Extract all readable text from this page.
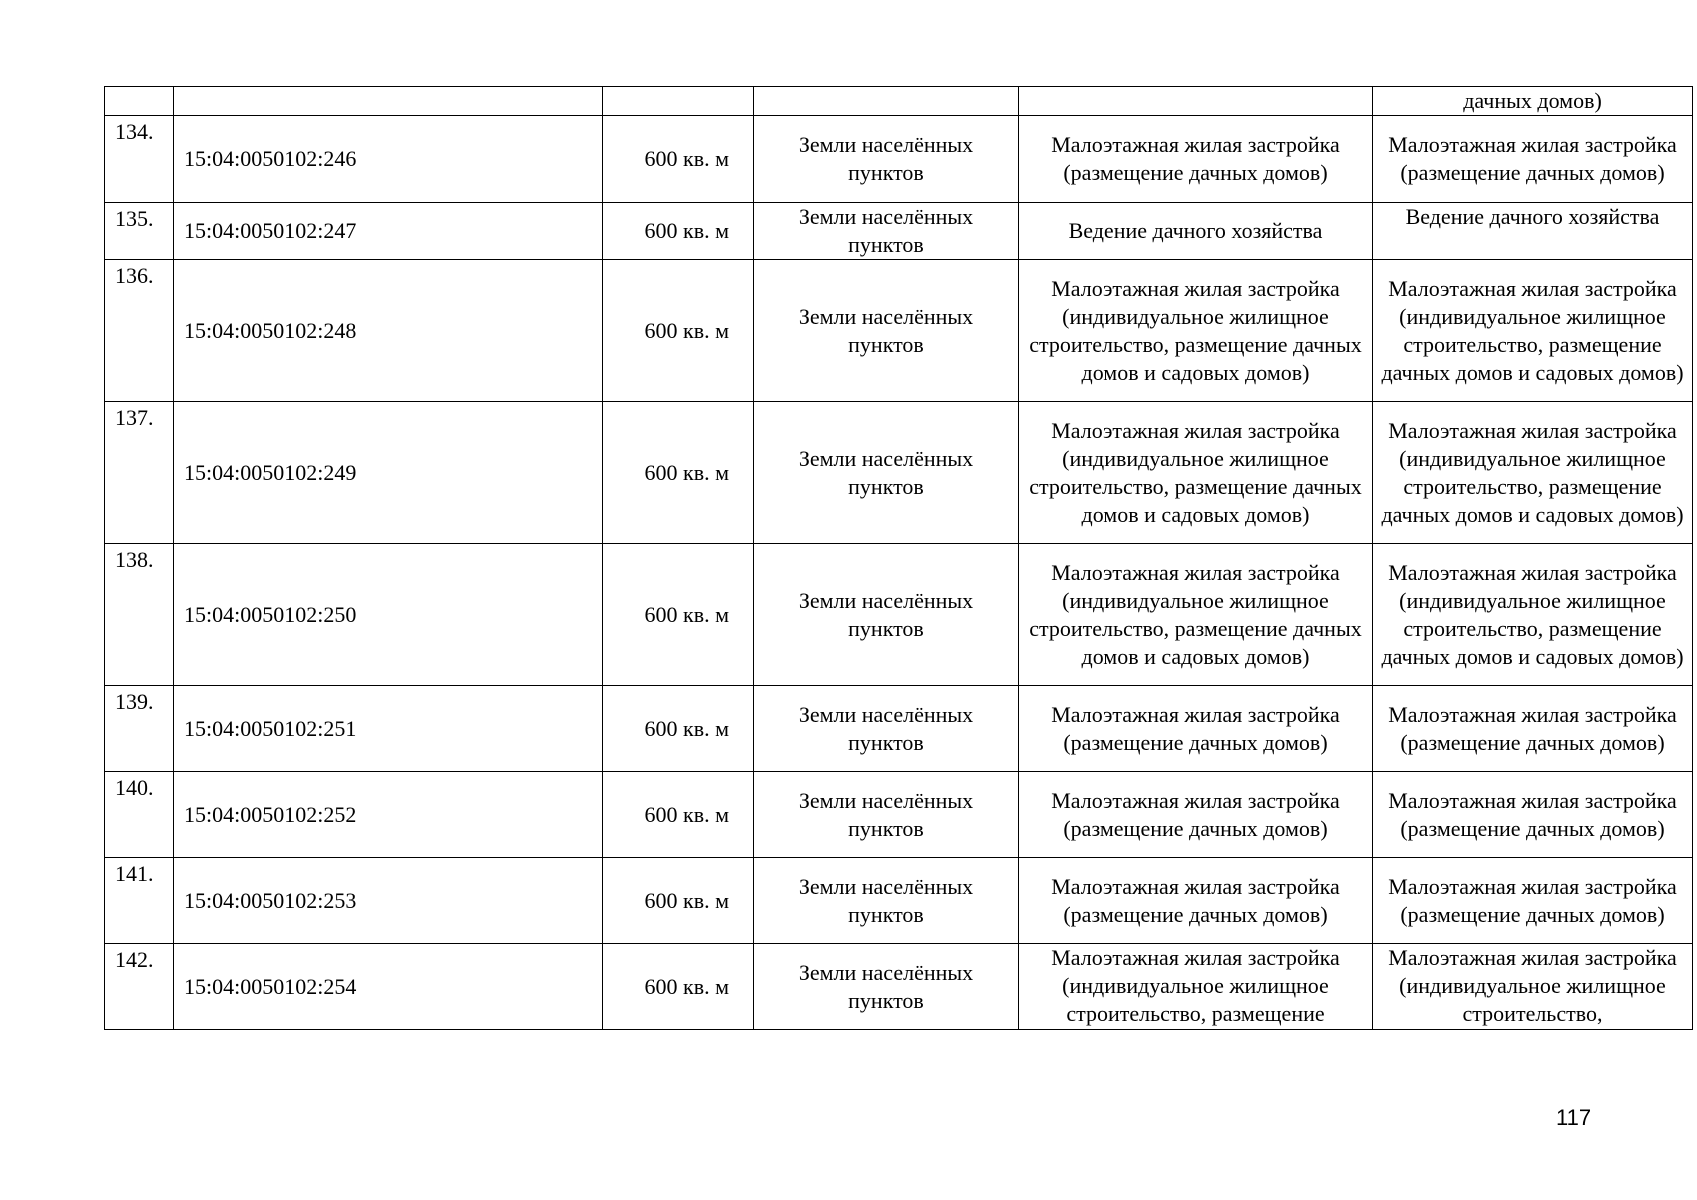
					дачных домов)
134.	15:04:0050102:246	600 кв. м	Земли населённых пунктов	Малоэтажная жилая застройка (размещение дачных домов)	Малоэтажная жилая застройка (размещение дачных домов)
135.	15:04:0050102:247	600 кв. м	Земли населённых пунктов	Ведение дачного хозяйства	Ведение дачного хозяйства
136.	15:04:0050102:248	600 кв. м	Земли населённых пунктов	Малоэтажная жилая застройка (индивидуальное жилищное строительство, размещение дачных домов и садовых домов)	Малоэтажная жилая застройка (индивидуальное жилищное строительство, размещение дачных домов и садовых домов)
137.	15:04:0050102:249	600 кв. м	Земли населённых пунктов	Малоэтажная жилая застройка (индивидуальное жилищное строительство, размещение дачных домов и садовых домов)	Малоэтажная жилая застройка (индивидуальное жилищное строительство, размещение дачных домов и садовых домов)
138.	15:04:0050102:250	600 кв. м	Земли населённых пунктов	Малоэтажная жилая застройка (индивидуальное жилищное строительство, размещение дачных домов и садовых домов)	Малоэтажная жилая застройка (индивидуальное жилищное строительство, размещение дачных домов и садовых домов)
139.	15:04:0050102:251	600 кв. м	Земли населённых пунктов	Малоэтажная жилая застройка (размещение дачных домов)	Малоэтажная жилая застройка (размещение дачных домов)
140.	15:04:0050102:252	600 кв. м	Земли населённых пунктов	Малоэтажная жилая застройка (размещение дачных домов)	Малоэтажная жилая застройка (размещение дачных домов)
141.	15:04:0050102:253	600 кв. м	Земли населённых пунктов	Малоэтажная жилая застройка (размещение дачных домов)	Малоэтажная жилая застройка (размещение дачных домов)
142.	15:04:0050102:254	600 кв. м	Земли населённых пунктов	Малоэтажная жилая застройка (индивидуальное жилищное строительство, размещение	Малоэтажная жилая застройка (индивидуальное жилищное строительство,
117
